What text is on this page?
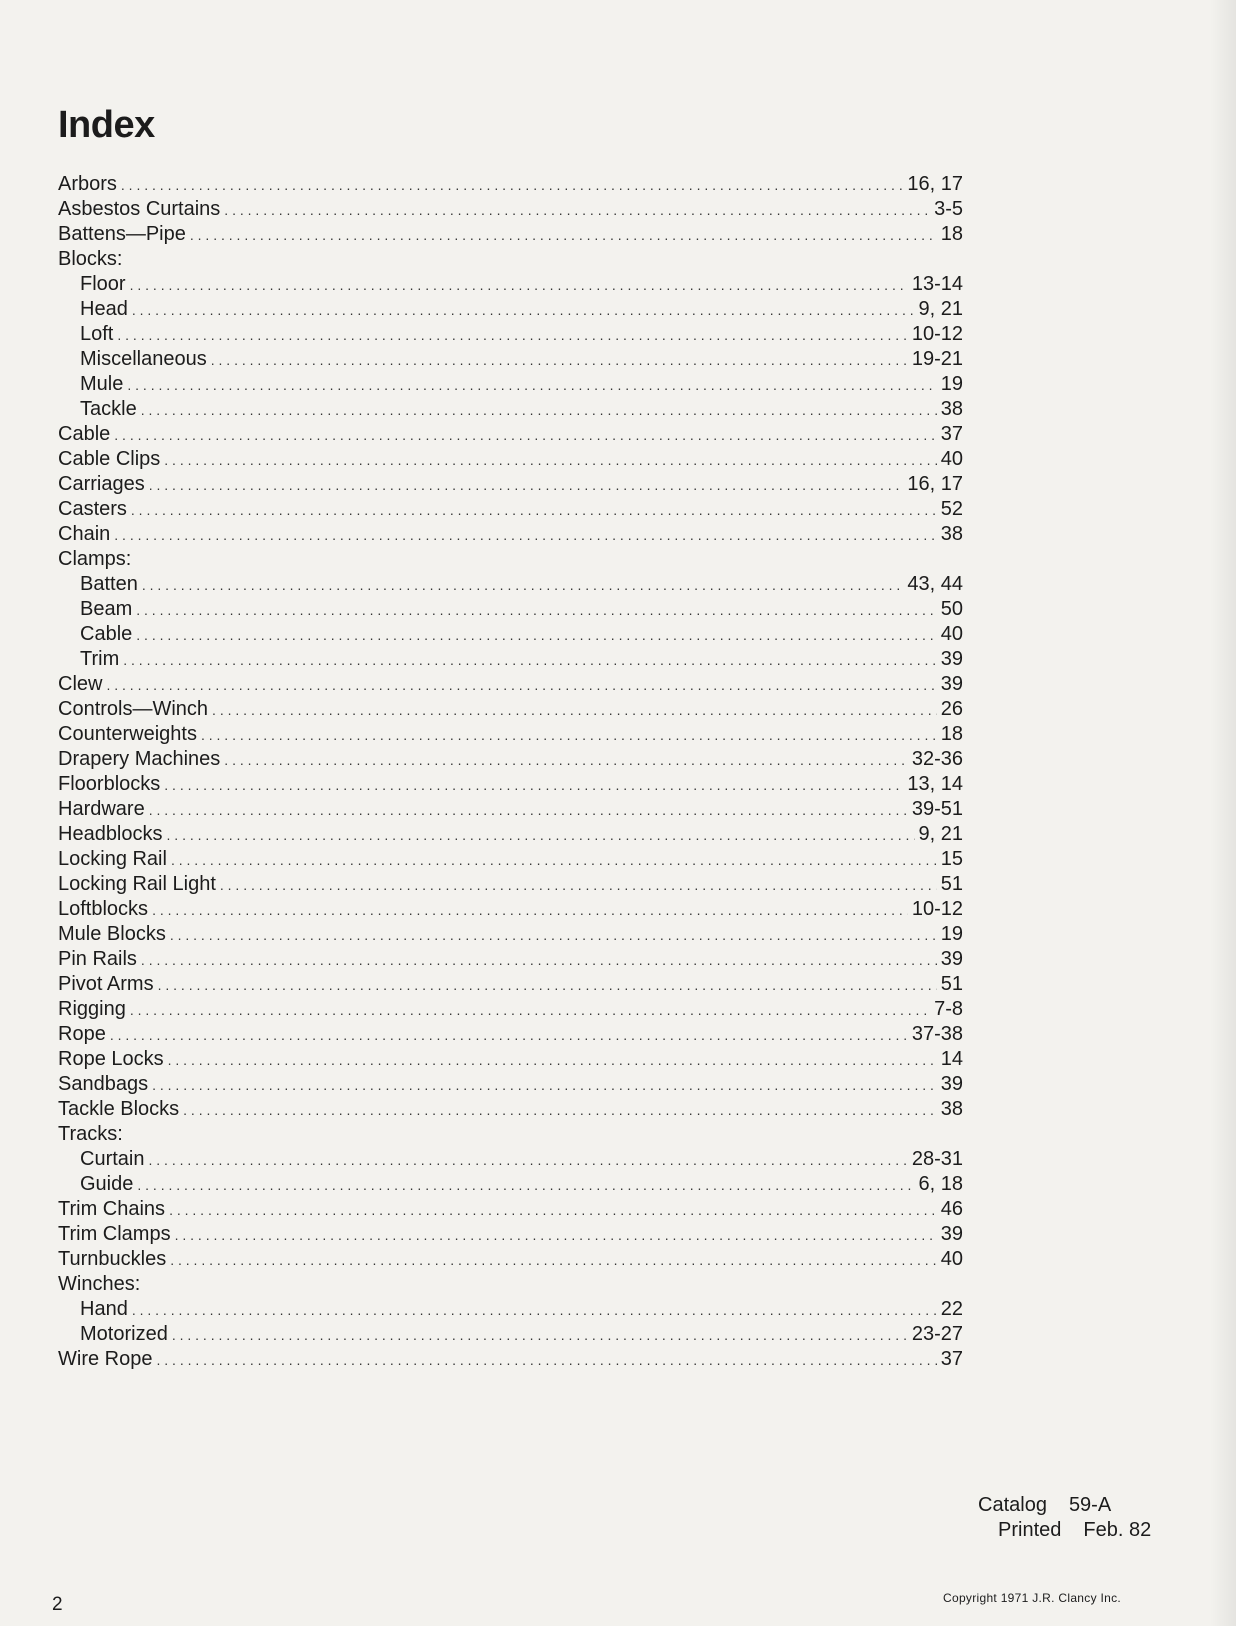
Index
Arbors . . .	16, 17
Asbestos Curtains . . .	3-5
Battens—Pipe . . .	18
Blocks:
Floor . . .	13-14
Head . . .	9, 21
Loft . . .	10-12
Miscellaneous . . .	19-21
Mule . . .	19
Tackle . . .	38
Cable . . .	37
Cable Clips . . .	40
Carriages . . .	16, 17
Casters . . .	52
Chain . . .	38
Clamps:
Batten . . .	43, 44
Beam . . .	50
Cable . . .	40
Trim . . .	39
Clew . . .	39
Controls—Winch . . .	26
Counterweights . . .	18
Drapery Machines . . .	32-36
Floorblocks . . .	13, 14
Hardware . . .	39-51
Headblocks . . .	9, 21
Locking Rail . . .	15
Locking Rail Light . . .	51
Loftblocks . . .	10-12
Mule Blocks . . .	19
Pin Rails . . .	39
Pivot Arms . . .	51
Rigging . . .	7-8
Rope . . .	37-38
Rope Locks . . .	14
Sandbags . . .	39
Tackle Blocks . . .	38
Tracks:
Curtain . . .	28-31
Guide . . .	6, 18
Trim Chains . . .	46
Trim Clamps . . .	39
Turnbuckles . . .	40
Winches:
Hand . . .	22
Motorized . . .	23-27
Wire Rope . . .	37
Catalog 59-A
Printed Feb. 82
2	Copyright 1971 J.R. Clancy Inc.
